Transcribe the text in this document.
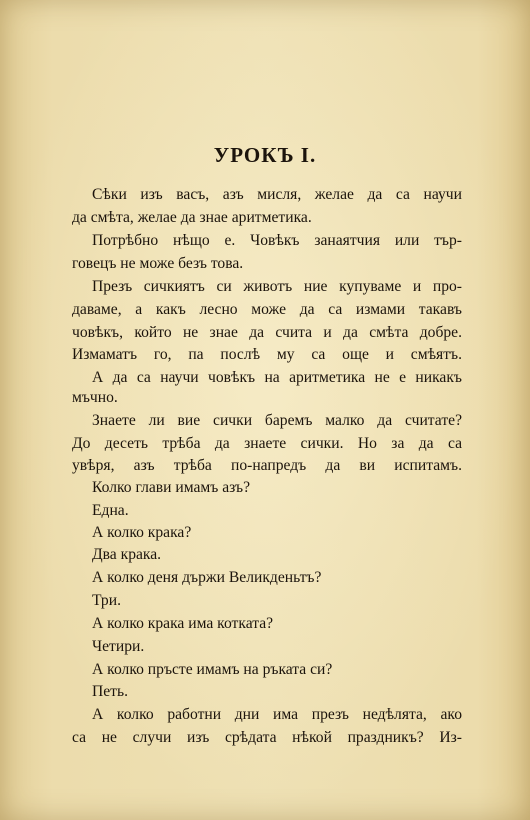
УРОКЪ I.
Сѣки изъ васъ, азъ мисля, желае да са научи
да смѣта, желае да знае аритметика.
Потрѣбно нѣщо е. Човѣкъ занаятчия или тър-
говецъ не може безъ това.
Презъ сичкиятъ си животъ ние купуваме и про-
даваме, а какъ лесно може да са измами такавъ
човѣкъ, който не знае да счита и да смѣта добре.
Измаматъ го, па послѣ му са още и смѣятъ.
А да са научи човѣкъ на аритметика не е никакъ
мъчно.
Знаете ли вие сички баремъ малко да считате?
До десеть трѣба да знаете сички. Но за да са
увѣря, азъ трѣба по-напредъ да ви испитамъ.
Колко глави имамъ азъ?
Една.
А колко крака?
Два крака.
А колко деня държи Великденьтъ?
Три.
А колко крака има котката?
Четири.
А колко пръсте имамъ на ръката си?
Петь.
А колко работни дни има презъ недѣлята, ако
са не случи изъ срѣдата нѣкой праздникъ? Из-
